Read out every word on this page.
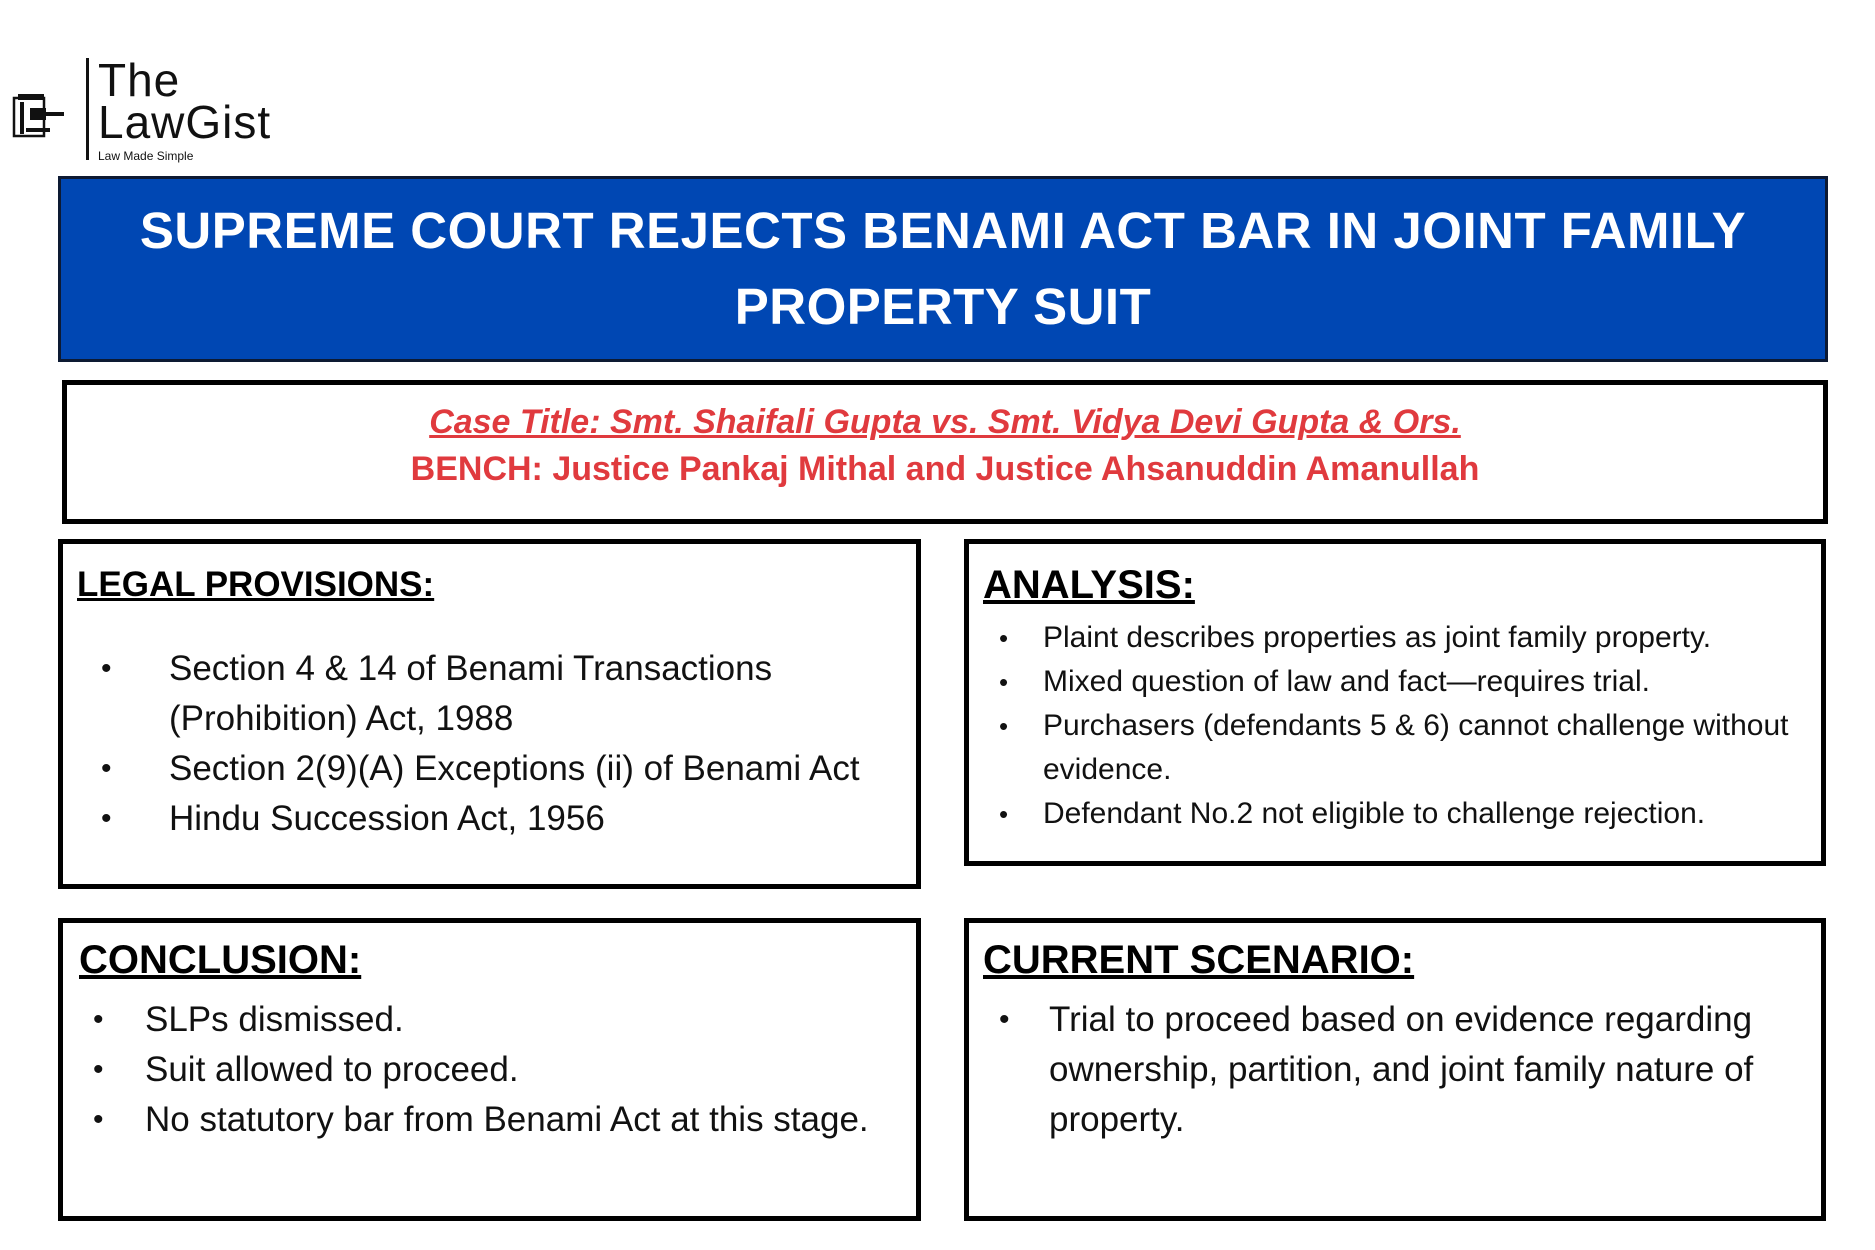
The
LawGist
Law Made Simple
SUPREME COURT REJECTS BENAMI ACT BAR IN JOINT FAMILY PROPERTY SUIT
Case Title: Smt. Shaifali Gupta vs. Smt. Vidya Devi Gupta & Ors.
BENCH: Justice Pankaj Mithal and Justice Ahsanuddin Amanullah
LEGAL PROVISIONS:
• Section 4 & 14 of Benami Transactions (Prohibition) Act, 1988
• Section 2(9)(A) Exceptions (ii) of Benami Act
• Hindu Succession Act, 1956
ANALYSIS:
• Plaint describes properties as joint family property.
• Mixed question of law and fact—requires trial.
• Purchasers (defendants 5 & 6) cannot challenge without evidence.
• Defendant No.2 not eligible to challenge rejection.
CONCLUSION:
• SLPs dismissed.
• Suit allowed to proceed.
• No statutory bar from Benami Act at this stage.
CURRENT SCENARIO:
• Trial to proceed based on evidence regarding ownership, partition, and joint family nature of property.
